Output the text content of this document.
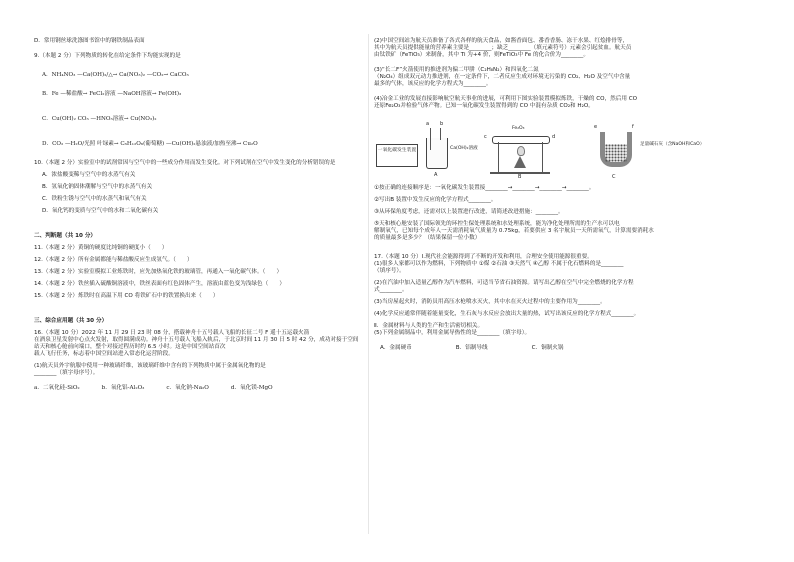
D．常用钢丝球洗涤图书馆中的钢铁制品表面

9.（本题 2 分）下列物质的转化在给定条件下均能实现的是

A．NH₄NO₃ —Ca(OH)₂/△→ Ca(NO₃)₂ —CO₂→ CaCO₃

B．Fe —稀盐酸→ FeCl₂溶液 —NaOH溶液→ Fe(OH)₃

C．Cu(OH)₂ CO₃ —HNO₃溶液→ Cu(NO₃)₂

D．CO₂ —H₂O/光照 叶绿素→ C₆H₁₂O₆(葡萄糖) —Cu(OH)₂悬浊液/加热至沸→ Cu₂O

10.（本题 2 分）实验室中的试剂常因与空气中的一些成分作用而发生变化。对下列试剂在空气中发生变化的分析错误的是

A．浓盐酸变稀与空气中的水蒸气有关

B．氢氧化钠固体潮解与空气中的水蒸气有关

C．铁粉生锈与空气中的水蒸气和氧气有关

D．氧化钙的变质与空气中的水和二氧化碳有关

二、判断题（共 10 分）

11.（本题 2 分）黄铜的硬度比纯铜的硬度小（　　）

12.（本题 2 分）所有金属都能与稀盐酸反应生成氢气。（　　）

13.（本题 2 分）实验室模拟工业炼铁时，应先加热氧化铁的玻璃管，再通入一氧化碳气体。（　　）

14.（本题 2 分）铁丝插入硫酸铜溶液中，铁丝表面有红色固体产生，溶液由蓝色变为浅绿色（　　）

15.（本题 2 分）炼铁时在高温下用 CO 将铁矿石中的铁置换出来（　　）

三、综合应用题（共 30 分）

16.（本题 10 分）2022 年 11 月 29 日 23 时 08 分，搭载神舟十五号载人飞船的长征二号 F 遥十五运载火箭

在酒泉卫星发射中心点火发射，取得圆满成功。神舟十五号载人飞船入轨后，于北京时间 11 月 30 日 5 时 42 分，成功对接于空间站天和核心舱前向端口，整个对接过程历时约 6.5 小时。这是中国空间站首次

载人飞行任务，标志着中国空间站进入常态化运营阶段。

(1)航天员外宇航服中使用一种玻璃纤维，该玻璃纤维中含有的下列物质中属于金属氧化物的是

________（填字母序号）。

a．二氧化硅-SiO₂	b．氧化铝-Al₂O₃	c．氧化钠-Na₂O	d．氧化镁-MgO

(2)中国空间站为航天员准备了各式各样的航天食品，如酱香面包、番香香肠、冻干水果、红烩排骨等，

其中为航天员提供能量的营养素主要是________；缺乏________（填元素符号）元素会引起贫血。航天员

由钛铁矿（FeTiO₃）来制备，其中 Ti 为+4 价，则FeTiO₃中 Fe 的化合价为________。

(3)“长二F”火箭使用的推进剂为偏二甲肼（C₂H₈N₂）和四氧化二氮

（N₂O₄）组成双元动力推进剂，在一定条件下，二者反应生成对环境无污染的 CO₂、H₂O 及空气中含量

最多的气体，该反应的化学方程式为________。

(4)冶金工业的发展直接影响航空航天事业的进展，可利用下图实验装置模拟炼铁，干燥的 CO，然后用 CO

还原Fe₂O₃并检验气体产物。已知一氧化碳发生装置得到的 CO 中混有杂质 CO₂和 H₂O。

一氧化碳发生装置
a b
Ca(OH)₂溶液
A
c	d
Fe₂O₃
B
e	f
足量碱石灰（含NaOH和CaO）
C

①按正确的连接顺序是：一氧化碳发生装置接________→________→________→________。

②写出B 装置中发生反应的化学方程式________。

③从环保角度考虑，还需对以上装置进行改进，请简述改进措施：________。

⑤天和核心舱安装了国际领先的环控生保处理系统和水处理系统，能为净化处理所需的生产水可以电

解制氧气，已知每个成年人一天需消耗氧气质量为 0.75kg，若要供应 3 名宇航员一天所需氧气，计算需要消耗水

的质量最多是多少？（结果保留一位小数）

17.（本题 10 分）Ⅰ.现代社会能源得到了不断的开发和利用，合理安全使用能源很重要。

(1)很多人家都可以作为燃料，下列物质中 ①煤 ②石油 ③天然气 ④乙醇 不属于化石燃料的是________

（填序号）。

(2)在汽油中加入适量乙醇作为汽车燃料，可适当节省石油资源。请写出乙醇在空气中完全燃烧的化学方程

式________。

(3)当房屋起火时，消防员用高压水枪喷水灭火，其中水在灭火过程中的主要作用为________。

(4)化学反应通常伴随着能量变化，生石灰与水反应会放出大量的热，试写出该反应的化学方程式________。

Ⅱ．金属材料与人类的生产和生活密切相关。

(5)下列金属制品中，利用金属导热性的是________（填字母）。

A．金属硬币	B．铝制导线	C．铜制火锅
